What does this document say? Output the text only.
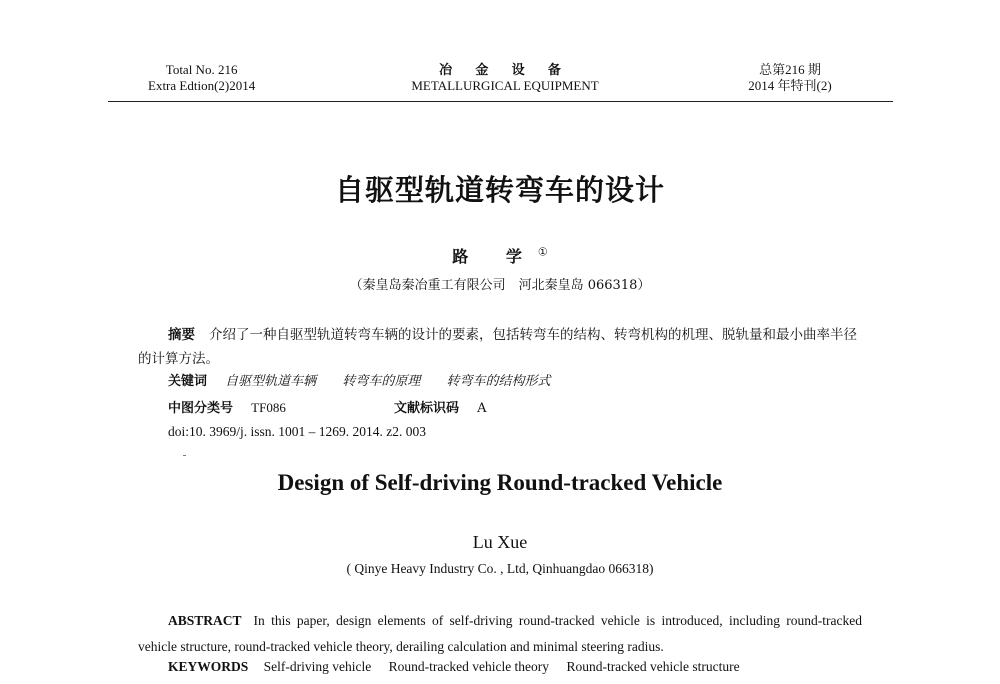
Total No. 216
Extra Edtion(2)2014
冶 金 设 备
METALLURGICAL EQUIPMENT
总第216 期
2014 年特刊(2)
自驱型轨道转弯车的设计
路 学①
（秦皇岛秦冶重工有限公司　河北秦皇岛 066318）
摘要 介绍了一种自驱型轨道转弯车辆的设计的要素，包括转弯车的结构、转弯机构的机理、脱轨量和最小曲率半径的计算方法。
关键词 自驱型轨道车辆 转弯车的原理 转弯车的结构形式
中图分类号 TF086	文献标识码 A
doi:10. 3969/j. issn. 1001 – 1269. 2014. z2. 003
Design of Self-driving Round-tracked Vehicle
Lu Xue
( Qinye Heavy Industry Co. , Ltd, Qinhuangdao 066318)
ABSTRACT In this paper, design elements of self-driving round-tracked vehicle is introduced, including round-tracked vehicle structure, round-tracked vehicle theory, derailing calculation and minimal steering radius.
KEYWORDS Self-driving vehicle Round-tracked vehicle theory Round-tracked vehicle structure
